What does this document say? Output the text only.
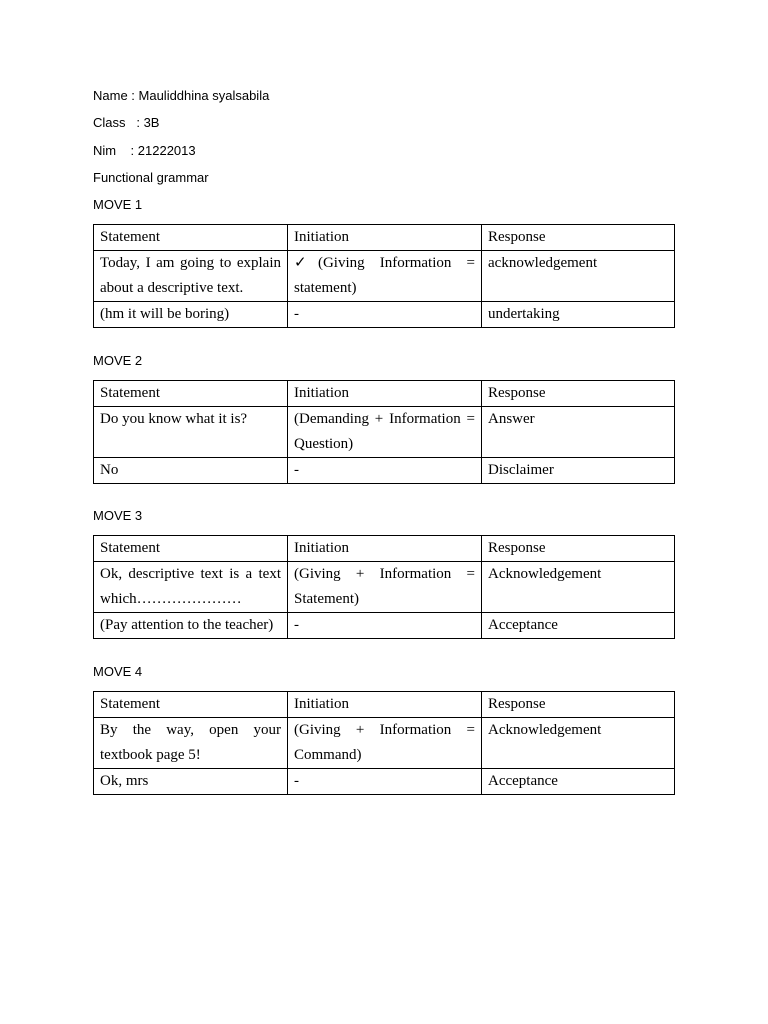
Name : Mauliddhina syalsabila
Class   : 3B
Nim    : 21222013
Functional grammar
MOVE 1
Statement	Initiation	Response
Today, I am going to explain about a descriptive text.	✓(Giving Information = statement)	acknowledgement
(hm it will be boring)	-	undertaking
MOVE 2
Statement	Initiation	Response
Do you know what it is?	(Demanding + Information = Question)	Answer
No	-	Disclaimer
MOVE 3
Statement	Initiation	Response
Ok, descriptive text is a text which…………………	(Giving + Information = Statement)	Acknowledgement
(Pay attention to the teacher)	-	Acceptance
MOVE 4
Statement	Initiation	Response
By the way, open your textbook page 5!	(Giving + Information = Command)	Acknowledgement
Ok, mrs	-	Acceptance
